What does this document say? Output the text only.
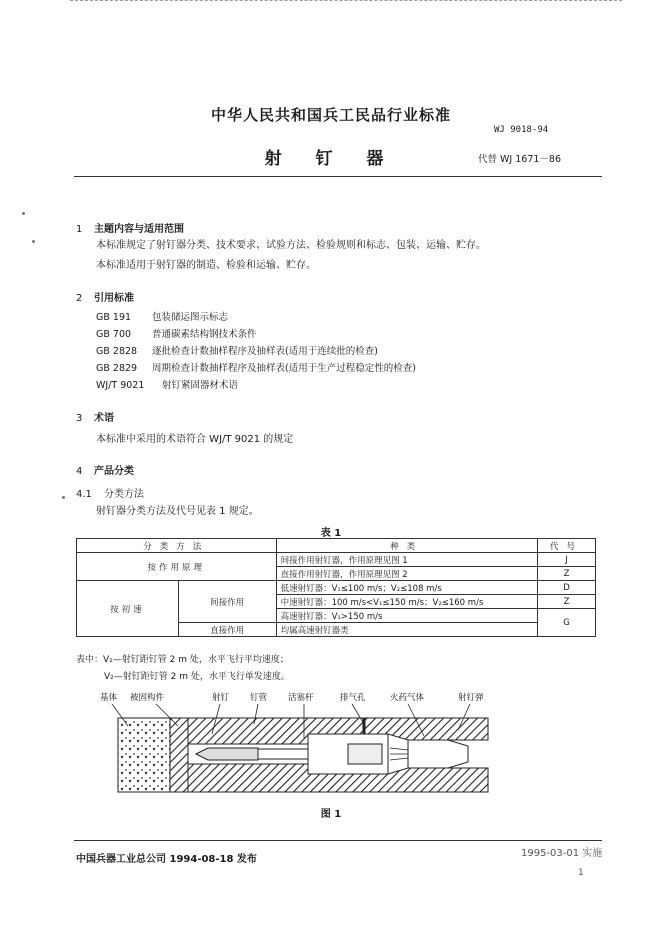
中华人民共和国兵工民品行业标准
WJ 9018-94
射 钉 器	代替 WJ 1671－86
1 主题内容与适用范围
本标准规定了射钉器分类、技术要求、试验方法、检验规则和标志、包装、运输、贮存。
本标准适用于射钉器的制造、检验和运输、贮存。
2 引用标准
GB 191 包装储运图示标志
GB 700 普通碳素结构钢技术条件
GB 2828 逐批检查计数抽样程序及抽样表(适用于连续批的检查)
GB 2829 周期检查计数抽样程序及抽样表(适用于生产过程稳定性的检查)
WJ/T 9021 射钉紧固器材术语
3 术语
本标准中采用的术语符合 WJ/T 9021 的规定
4 产品分类
4.1 分类方法
射钉器分类方法及代号见表 1 规定。
表 1
分类方法		种类	代号
按作用原理		间接作用射钉器，作用原理见图 1	J
		直接作用射钉器，作用原理见图 2	Z
按初速	间接作用	低速射钉器：V₁≤100 m/s；V₂≤108 m/s	D
		中速射钉器：100 m/s<V₁≤150 m/s；V₂≤160 m/s	Z
		高速射钉器：V₁>150 m/s	G
	直接作用	均属高速射钉器类	
表中：V₁—射钉距钉管 2 m 处，水平飞行平均速度；
V₂—射钉距钉管 2 m 处，水平飞行单发速度。
基体 被固构件	射钉 钉管 活塞杆	排气孔	火药气体	射钉弹
图 1
中国兵器工业总公司 1994-08-18 发布
1995-03-01 实施
1
